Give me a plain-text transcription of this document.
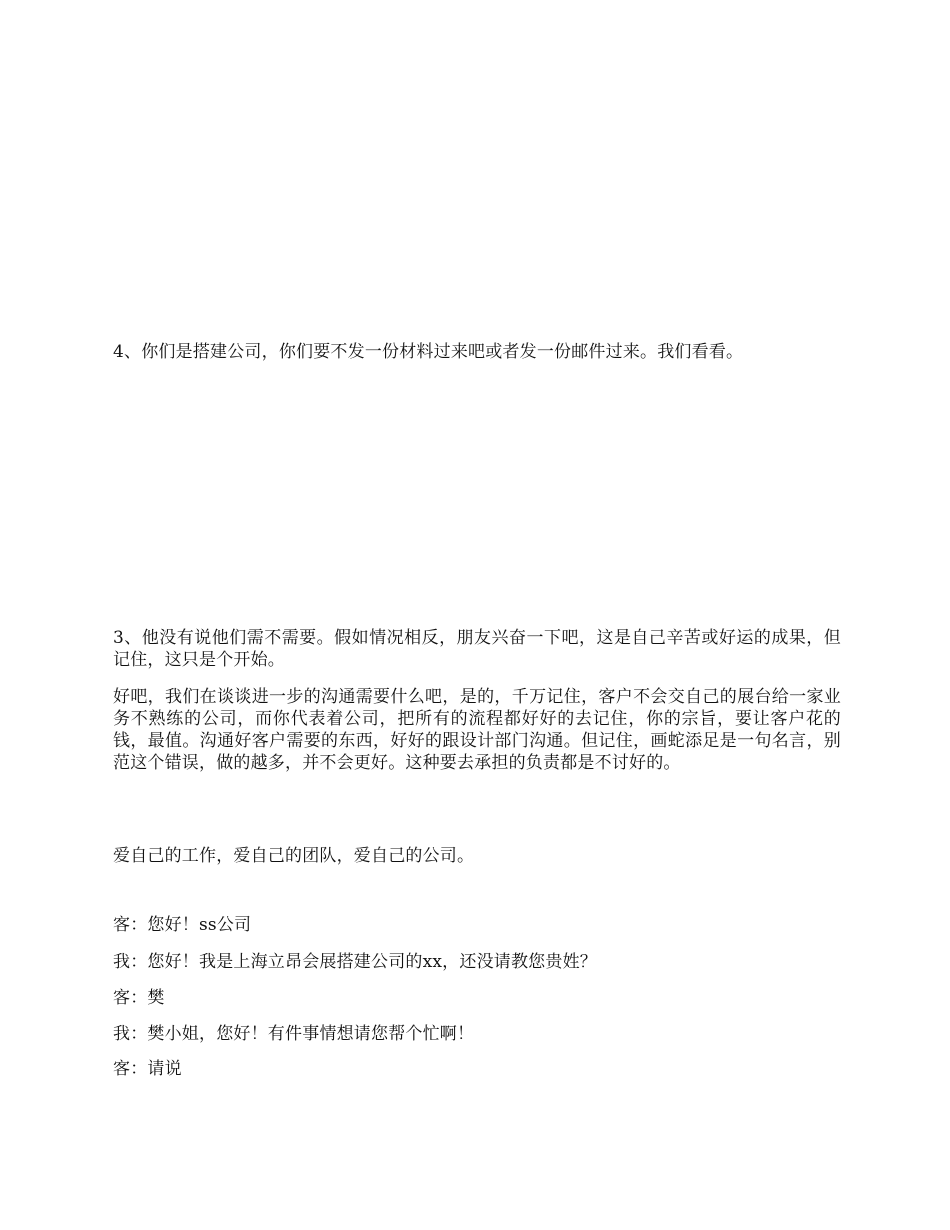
4、你们是搭建公司，你们要不发一份材料过来吧或者发一份邮件过来。我们看看。

3、他没有说他们需不需要。假如情况相反，朋友兴奋一下吧，这是自己辛苦或好运的成果，但记住，这只是个开始。

好吧，我们在谈谈进一步的沟通需要什么吧，是的，千万记住，客户不会交自己的展台给一家业务不熟练的公司，而你代表着公司，把所有的流程都好好的去记住，你的宗旨，要让客户花的钱，最值。沟通好客户需要的东西，好好的跟设计部门沟通。但记住，画蛇添足是一句名言，别范这个错误，做的越多，并不会更好。这种要去承担的负责都是不讨好的。

爱自己的工作，爱自己的团队，爱自己的公司。

客：您好！ss公司

我：您好！我是上海立昂会展搭建公司的xx，还没请教您贵姓？

客：樊

我：樊小姐，您好！有件事情想请您帮个忙啊！

客：请说
